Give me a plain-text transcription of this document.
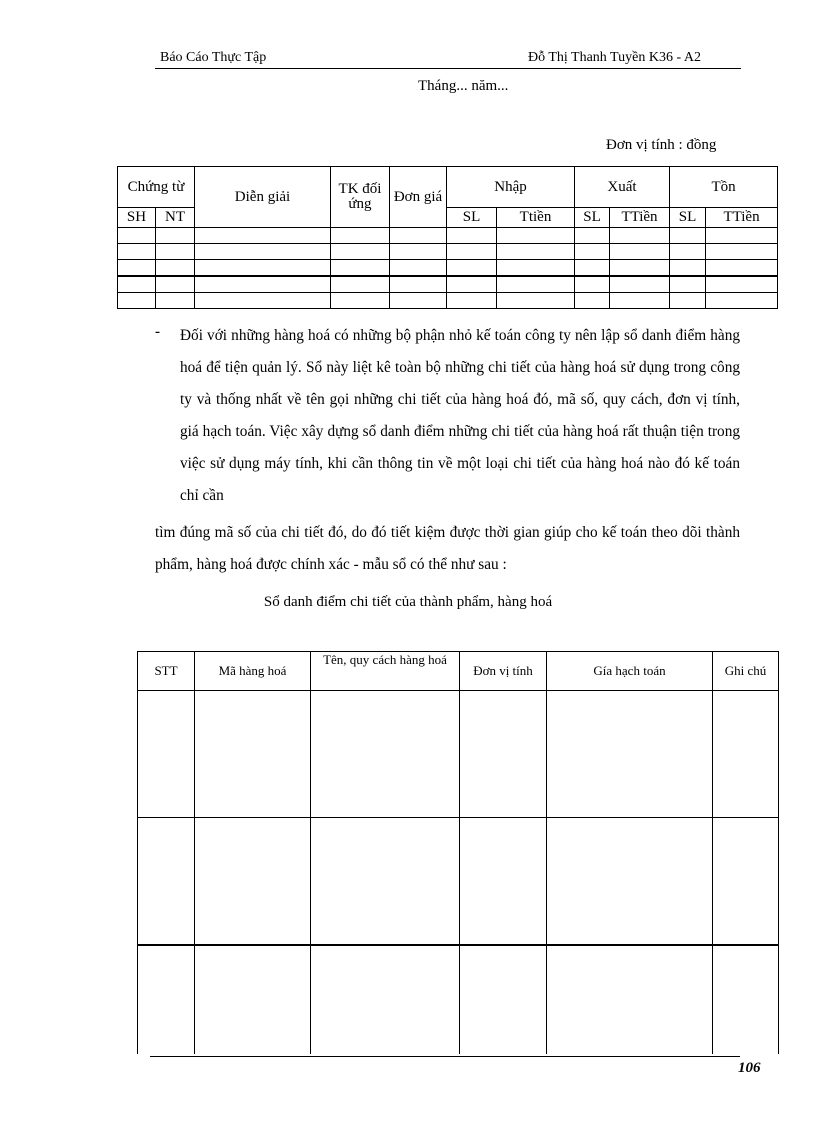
Báo Cáo Thực Tập	Đỗ Thị Thanh Tuyền K36 - A2
Tháng... năm...
Đơn vị tính : đồng
Chứng từ		Diễn giải	TK đối ứng	Đơn giá	Nhập		Xuất		Tồn	
SH	NT				SL	Ttiền	SL	TTiền	SL	TTiền

- Đối với những hàng hoá có những bộ phận nhỏ kế toán công ty nên lập sổ danh điểm hàng hoá để tiện quản lý. Sổ này liệt kê toàn bộ những chi tiết của hàng hoá sử dụng trong công ty và thống nhất về tên gọi những chi tiết của hàng hoá đó, mã số, quy cách, đơn vị tính, giá hạch toán. Việc xây dựng sổ danh điểm những chi tiết của hàng hoá rất thuận tiện trong việc sử dụng máy tính, khi cần thông tin về một loại chi tiết của hàng hoá nào đó kế toán chỉ cần
tìm đúng mã số của chi tiết đó, do đó tiết kiệm được thời gian giúp cho kế toán theo dõi thành phẩm, hàng hoá được chính xác - mẫu sổ có thể như sau :
Sổ danh điểm chi tiết của thành phẩm, hàng hoá
STT	Mã hàng hoá	Tên, quy cách hàng hoá	Đơn vị tính	Gía hạch toán	Ghi chú

106
